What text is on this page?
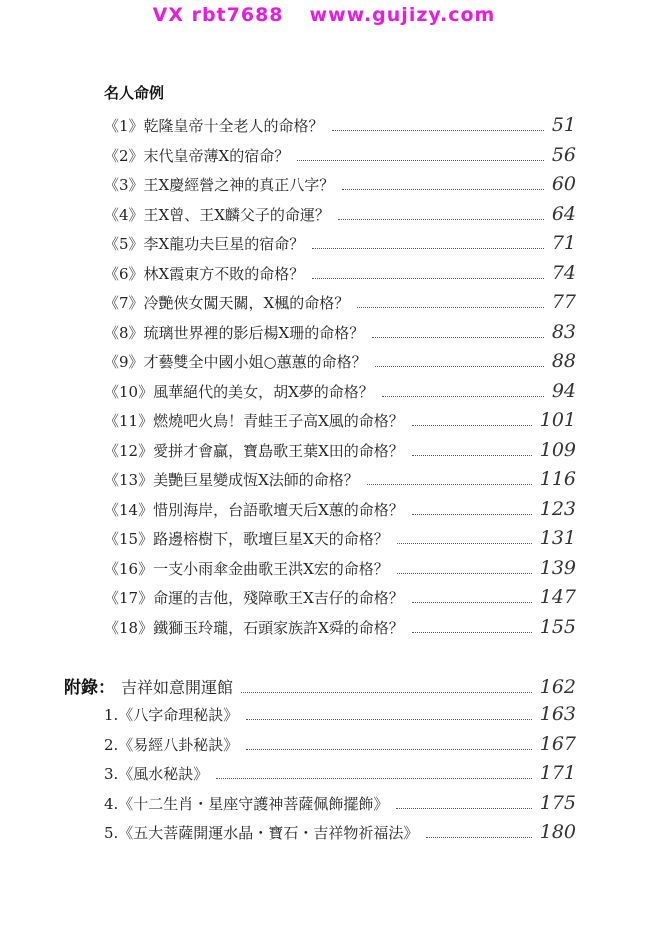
VX rbt7688 www.gujizy.com
名人命例
《1》乾隆皇帝十全老人的命格？	51
《2》末代皇帝薄X的宿命？	56
《3》王X慶經營之神的真正八字？	60
《4》王X曾、王X麟父子的命運？	64
《5》李X龍功夫巨星的宿命？	71
《6》林X霞東方不敗的命格？	74
《7》冷艷俠女闖天關，X楓的命格？	77
《8》琉璃世界裡的影后楊X珊的命格？	83
《9》才藝雙全中國小姐○蕙蕙的命格？	88
《10》風華絕代的美女，胡X夢的命格？	94
《11》燃燒吧火鳥！青蛙王子高X風的命格？	101
《12》愛拼才會贏，寶島歌王葉X田的命格？	109
《13》美艷巨星變成恆X法師的命格？	116
《14》惜別海岸，台語歌壇天后X蕙的命格？	123
《15》路邊榕樹下，歌壇巨星X天的命格？	131
《16》一支小雨傘金曲歌王洪X宏的命格？	139
《17》命運的吉他，殘障歌王X吉仔的命格？	147
《18》鐵獅玉玲瓏，石頭家族許X舜的命格？	155
附錄： 吉祥如意開運館	162
1.《八字命理秘訣》	163
2.《易經八卦秘訣》	167
3.《風水秘訣》	171
4.《十二生肖・星座守護神菩薩佩飾擺飾》	175
5.《五大菩薩開運水晶・寶石・吉祥物祈福法》	180
